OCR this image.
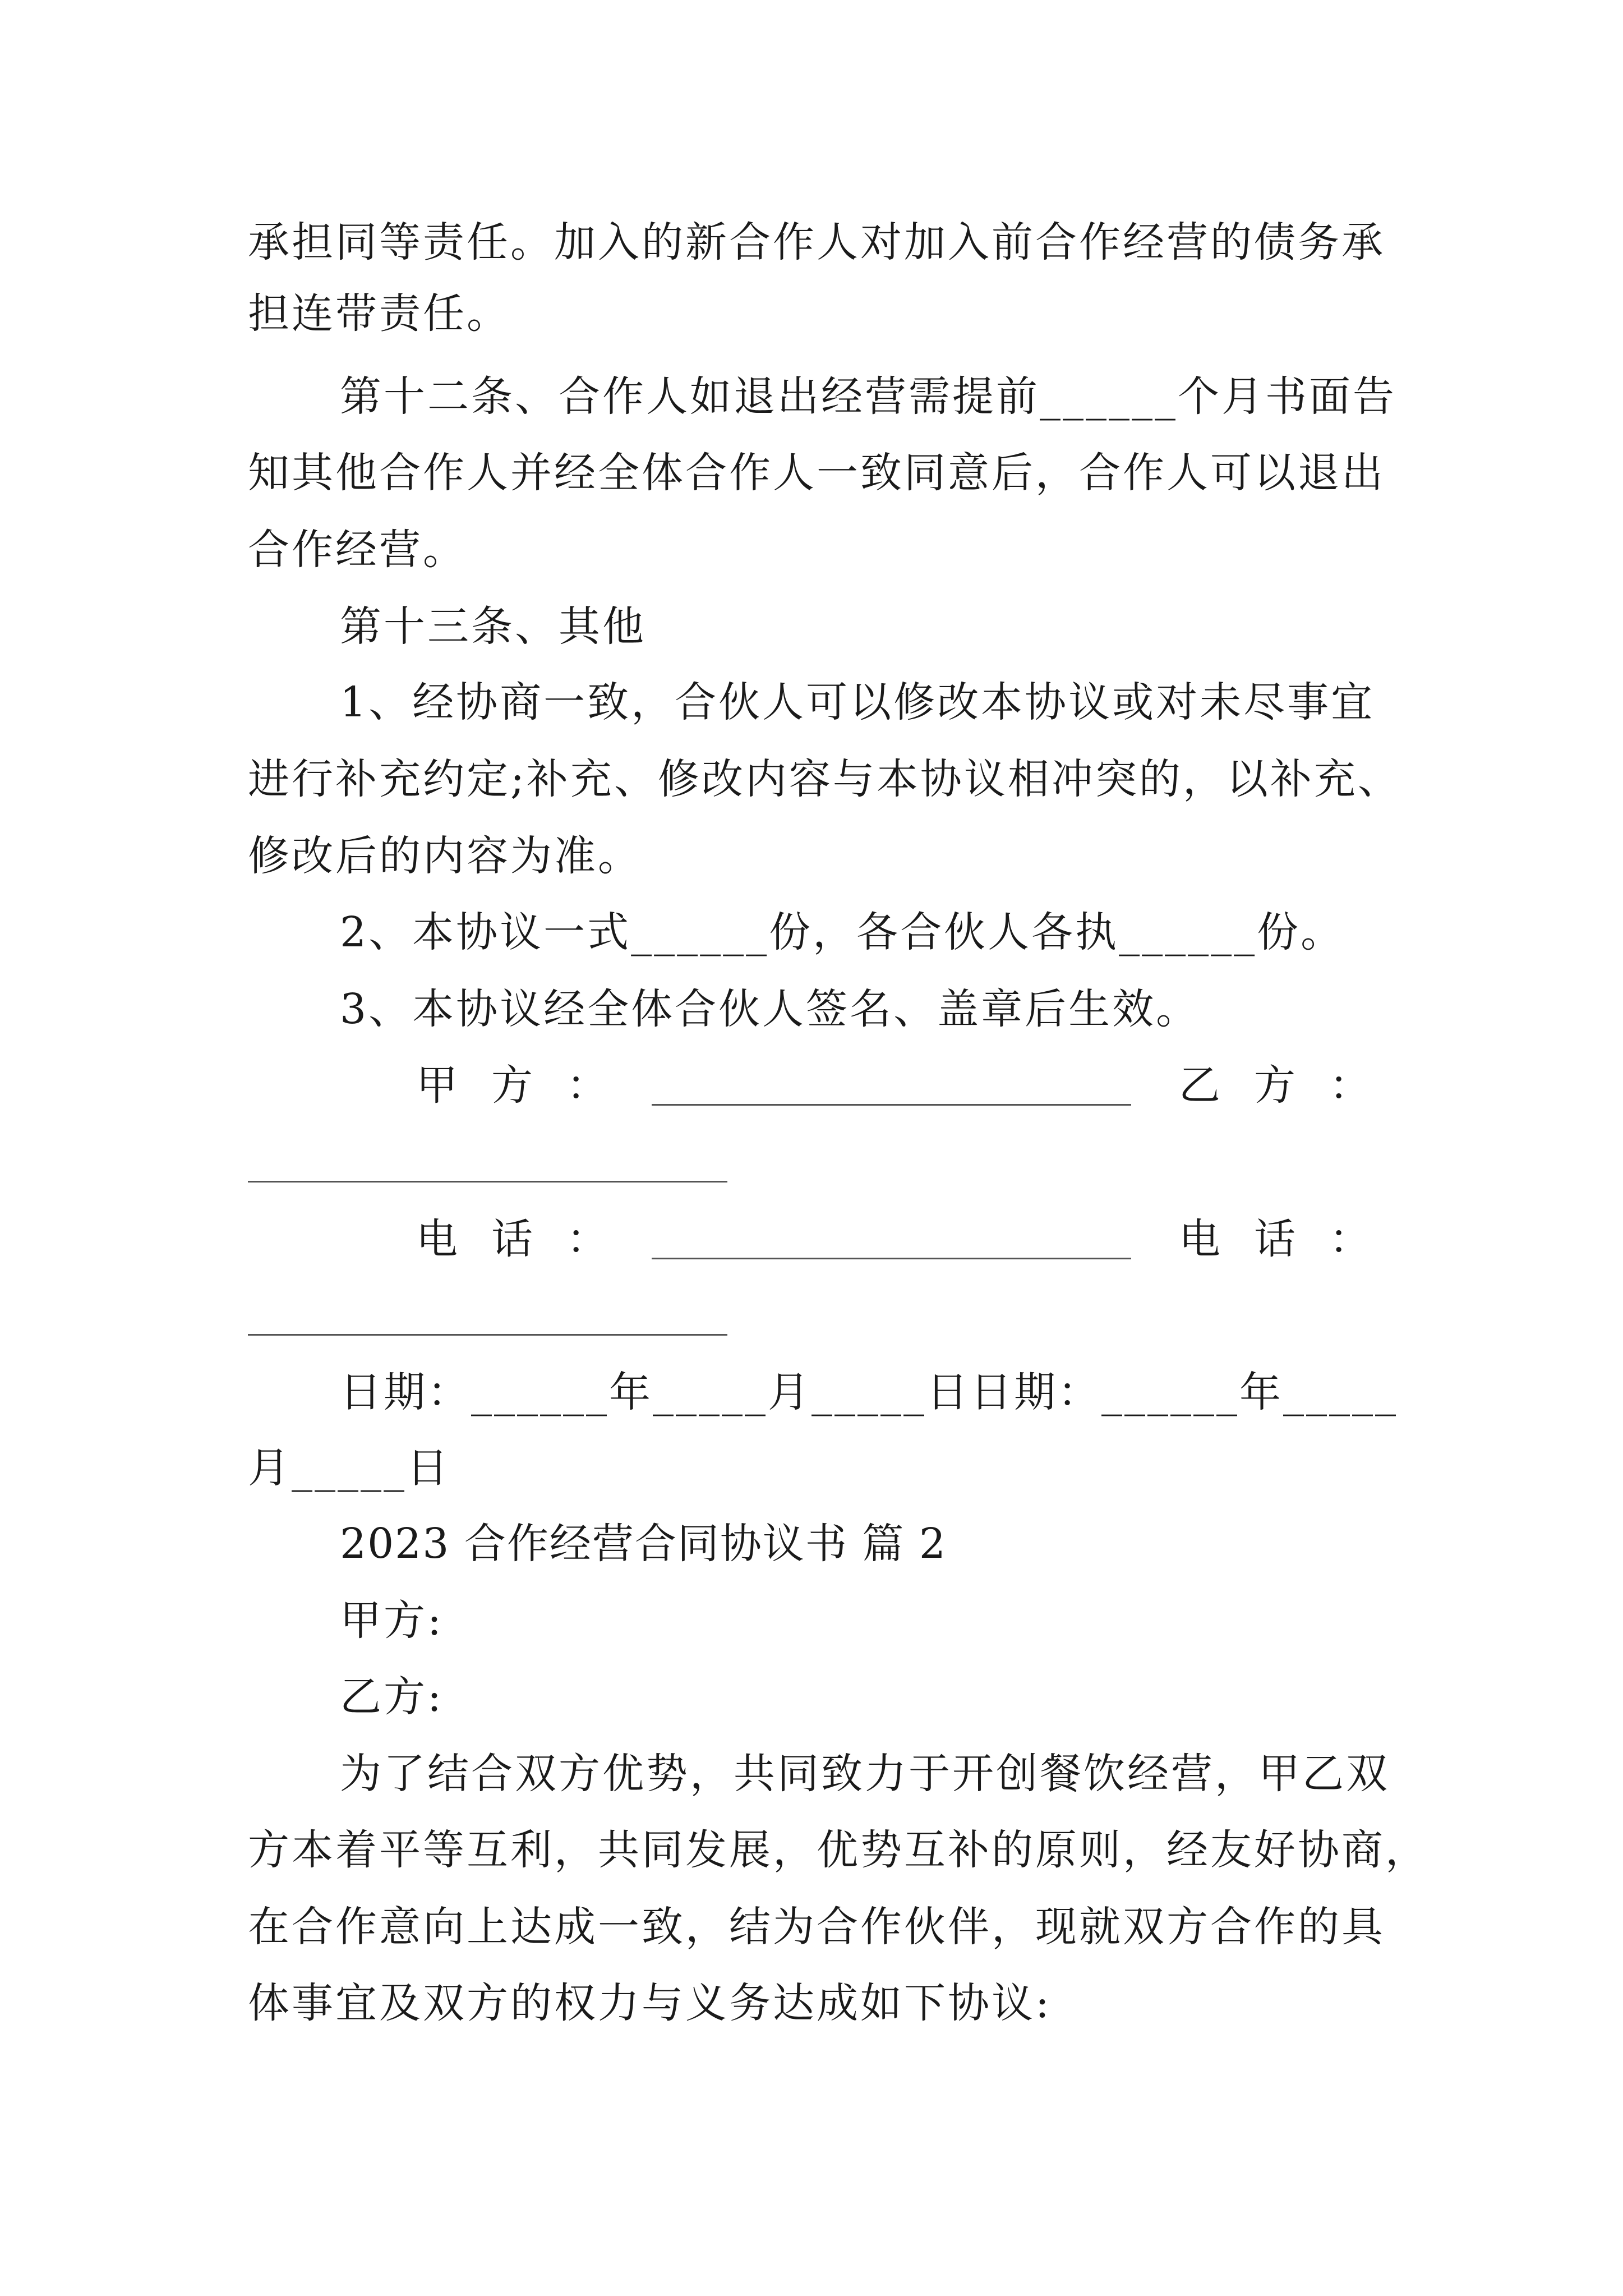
承担同等责任。加入的新合作人对加入前合作经营的债务承
担连带责任。
第十二条、合作人如退出经营需提前______个月书面告
知其他合作人并经全体合作人一致同意后，合作人可以退出
合作经营。
第十三条、其他
1、经协商一致，合伙人可以修改本协议或对未尽事宜
进行补充约定;补充、修改内容与本协议相冲突的，以补充、
修改后的内容为准。
2、本协议一式______份，各合伙人各执______份。
3、本协议经全体合伙人签名、盖章后生效。
甲方：	乙方：
电话：	电话：
日期：______年_____月_____日日期：______年_____
月_____日
2023 合作经营合同协议书 篇 2
甲方:
乙方:
为了结合双方优势，共同致力于开创餐饮经营，甲乙双
方本着平等互利，共同发展，优势互补的原则，经友好协商，
在合作意向上达成一致，结为合作伙伴，现就双方合作的具
体事宜及双方的权力与义务达成如下协议:
